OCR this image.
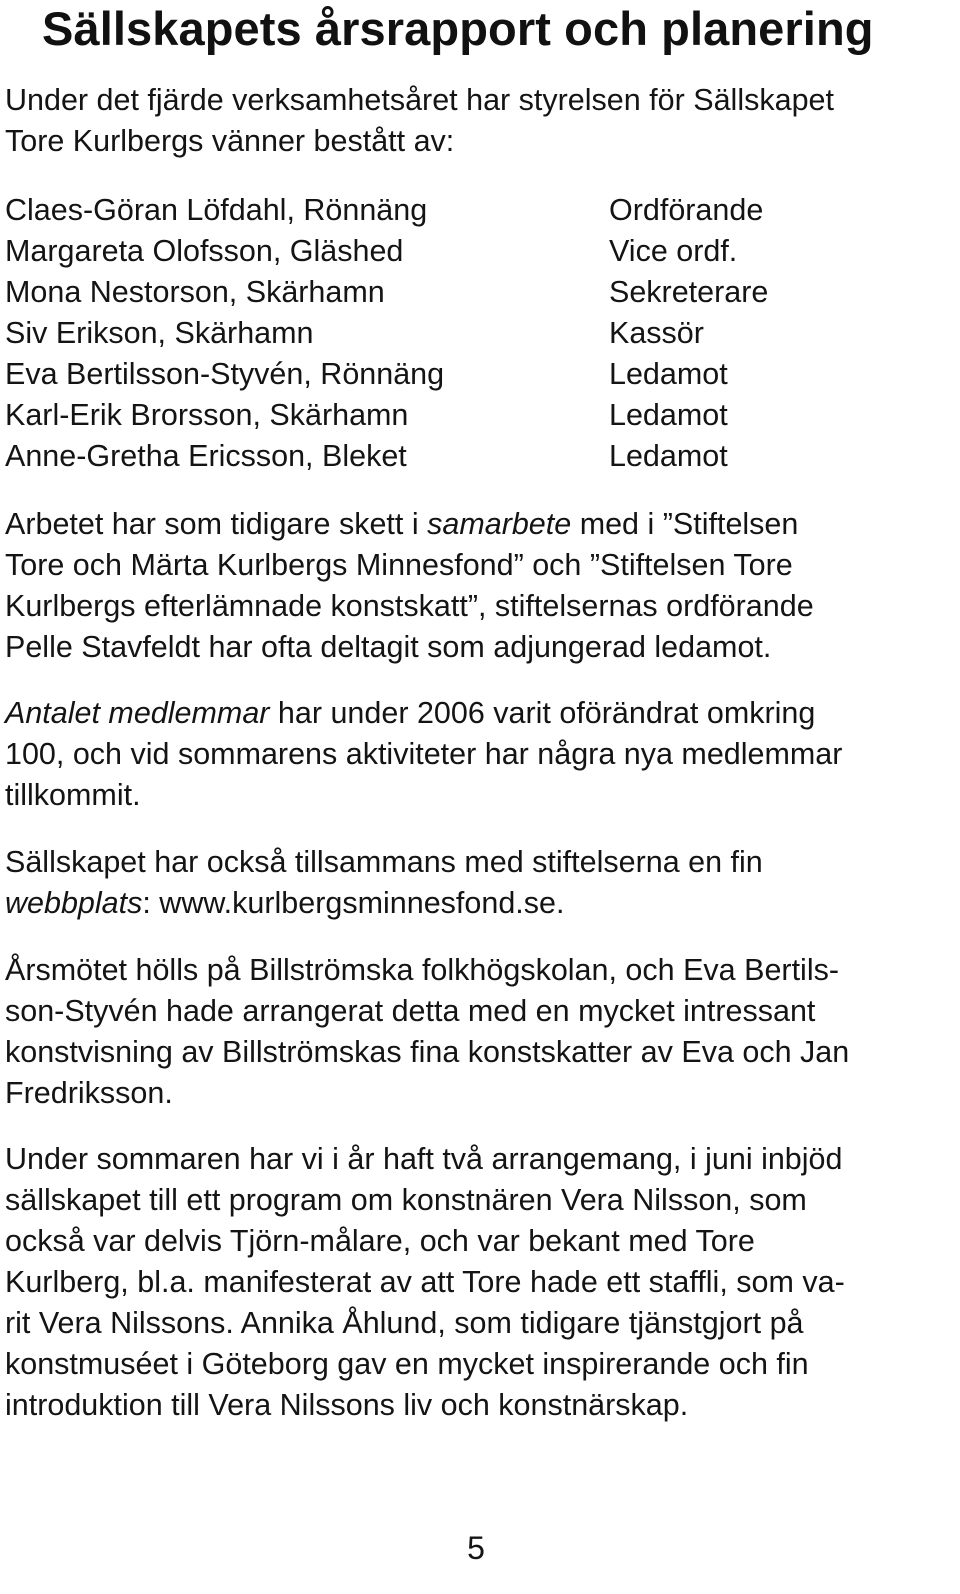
Sällskapets årsrapport och planering

Under det fjärde verksamhetsåret har styrelsen för Sällskapet
Tore Kurlbergs vänner bestått av:

Claes-Göran Löfdahl, Rönnäng	Ordförande
Margareta Olofsson, Gläshed	Vice ordf.
Mona Nestorson, Skärhamn	Sekreterare
Siv Erikson, Skärhamn	Kassör
Eva Bertilsson-Styvén, Rönnäng	Ledamot
Karl-Erik Brorsson, Skärhamn	Ledamot
Anne-Gretha Ericsson, Bleket	Ledamot

Arbetet har som tidigare skett i samarbete med i ”Stiftelsen
Tore och Märta Kurlbergs Minnesfond” och ”Stiftelsen Tore
Kurlbergs efterlämnade konstskatt”, stiftelsernas ordförande
Pelle Stavfeldt har ofta deltagit som adjungerad ledamot.

Antalet medlemmar har under 2006 varit oförändrat omkring
100, och vid sommarens aktiviteter har några nya medlemmar
tillkommit.

Sällskapet har också tillsammans med stiftelserna en fin
webbplats: www.kurlbergsminnesfond.se.

Årsmötet hölls på Billströmska folkhögskolan, och Eva Bertils-
son-Styvén hade arrangerat detta med en mycket intressant
konstvisning av Billströmskas fina konstskatter av Eva och Jan
Fredriksson.

Under sommaren har vi i år haft två arrangemang, i juni inbjöd
sällskapet till ett program om konstnären Vera Nilsson, som
också var delvis Tjörn-målare, och var bekant med Tore
Kurlberg, bl.a. manifesterat av att Tore hade ett staffli, som va-
rit Vera Nilssons. Annika Åhlund, som tidigare tjänstgjort på
konstmuséet i Göteborg gav en mycket inspirerande och fin
introduktion till Vera Nilssons liv och konstnärskap.

5
